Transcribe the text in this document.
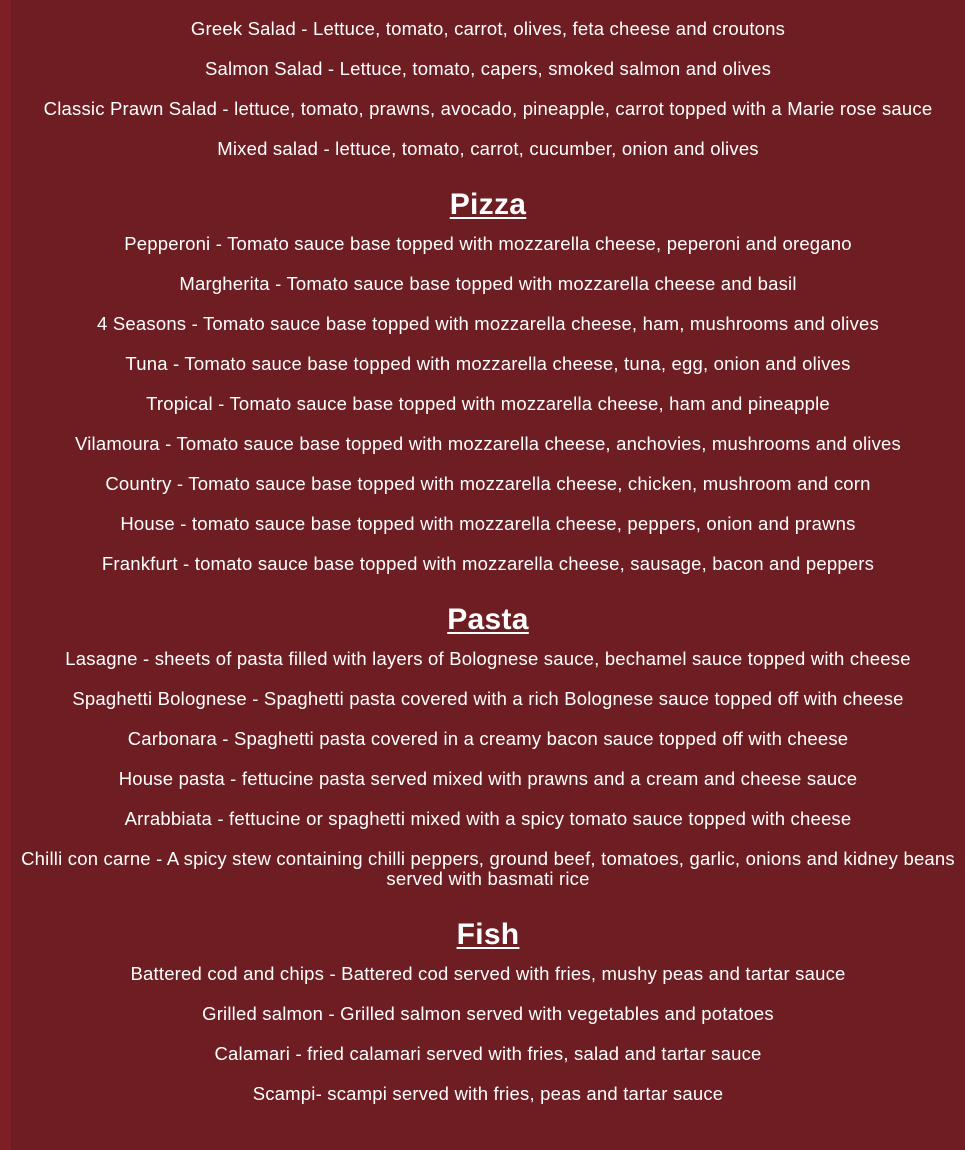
Greek Salad - Lettuce, tomato, carrot, olives, feta cheese and croutons
Salmon Salad - Lettuce, tomato, capers, smoked salmon and olives
Classic Prawn Salad - lettuce, tomato, prawns, avocado, pineapple, carrot topped with a Marie rose sauce
Mixed salad - lettuce, tomato, carrot, cucumber, onion and olives
Pizza
Pepperoni - Tomato sauce base topped with mozzarella cheese, peperoni and oregano
Margherita - Tomato sauce base topped with mozzarella cheese and basil
4 Seasons - Tomato sauce base topped with mozzarella cheese, ham, mushrooms and olives
Tuna - Tomato sauce base topped with mozzarella cheese, tuna, egg, onion and olives
Tropical - Tomato sauce base topped with mozzarella cheese, ham and pineapple
Vilamoura - Tomato sauce base topped with mozzarella cheese, anchovies, mushrooms and olives
Country - Tomato sauce base topped with mozzarella cheese, chicken, mushroom and corn
House - tomato sauce base topped with mozzarella cheese, peppers, onion and prawns
Frankfurt - tomato sauce base topped with mozzarella cheese, sausage, bacon and peppers
Pasta
Lasagne - sheets of pasta filled with layers of Bolognese sauce, bechamel sauce topped with cheese
Spaghetti Bolognese - Spaghetti pasta covered with a rich Bolognese sauce topped off with cheese
Carbonara - Spaghetti pasta covered in a creamy bacon sauce topped off with cheese
House pasta - fettucine pasta served mixed with prawns and a cream and cheese sauce
Arrabbiata - fettucine or spaghetti mixed with a spicy tomato sauce topped with cheese
Chilli con carne - A spicy stew containing chilli peppers, ground beef, tomatoes, garlic, onions and kidney beans served with basmati rice
Fish
Battered cod and chips - Battered cod served with fries, mushy peas and tartar sauce
Grilled salmon - Grilled salmon served with vegetables and potatoes
Calamari - fried calamari served with fries, salad and tartar sauce
Scampi- scampi served with fries, peas and tartar sauce
